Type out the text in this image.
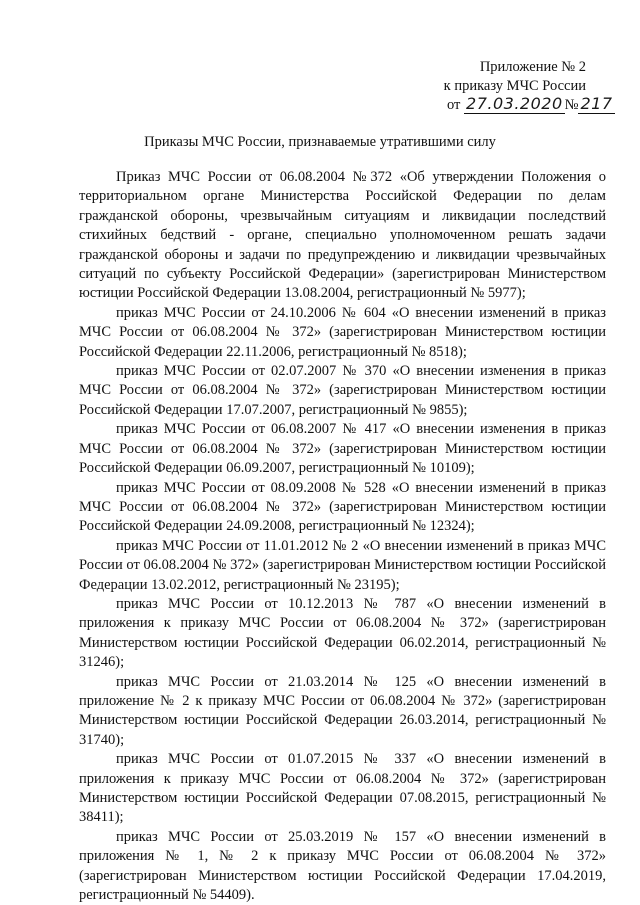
Приложение № 2
к приказу МЧС России
от 27.03.2020 № 217
Приказы МЧС России, признаваемые утратившими силу

Приказ МЧС России от 06.08.2004 №372 «Об утверждении Положения о территориальном органе Министерства Российской Федерации по делам гражданской обороны, чрезвычайным ситуациям и ликвидации последствий стихийных бедствий - органе, специально уполномоченном решать задачи гражданской обороны и задачи по предупреждению и ликвидации чрезвычайных ситуаций по субъекту Российской Федерации» (зарегистрирован Министерством юстиции Российской Федерации 13.08.2004, регистрационный № 5977);

приказ МЧС России от 24.10.2006 № 604 «О внесении изменений в приказ МЧС России от 06.08.2004 № 372» (зарегистрирован Министерством юстиции Российской Федерации 22.11.2006, регистрационный № 8518);

приказ МЧС России от 02.07.2007 № 370 «О внесении изменения в приказ МЧС России от 06.08.2004 № 372» (зарегистрирован Министерством юстиции Российской Федерации 17.07.2007, регистрационный № 9855);

приказ МЧС России от 06.08.2007 № 417 «О внесении изменения в приказ МЧС России от 06.08.2004 № 372» (зарегистрирован Министерством юстиции Российской Федерации 06.09.2007, регистрационный № 10109);

приказ МЧС России от 08.09.2008 № 528 «О внесении изменений в приказ МЧС России от 06.08.2004 № 372» (зарегистрирован Министерством юстиции Российской Федерации 24.09.2008, регистрационный № 12324);

приказ МЧС России от 11.01.2012 № 2 «О внесении изменений в приказ МЧС России от 06.08.2004 № 372» (зарегистрирован Министерством юстиции Российской Федерации 13.02.2012, регистрационный № 23195);

приказ МЧС России от 10.12.2013 № 787 «О внесении изменений в приложения к приказу МЧС России от 06.08.2004 № 372» (зарегистрирован Министерством юстиции Российской Федерации 06.02.2014, регистрационный № 31246);

приказ МЧС России от 21.03.2014 № 125 «О внесении изменений в приложение № 2 к приказу МЧС России от 06.08.2004 № 372» (зарегистрирован Министерством юстиции Российской Федерации 26.03.2014, регистрационный № 31740);

приказ МЧС России от 01.07.2015 № 337 «О внесении изменений в приложения к приказу МЧС России от 06.08.2004 № 372» (зарегистрирован Министерством юстиции Российской Федерации 07.08.2015, регистрационный № 38411);

приказ МЧС России от 25.03.2019 № 157 «О внесении изменений в приложения № 1, № 2 к приказу МЧС России от 06.08.2004 № 372» (зарегистрирован Министерством юстиции Российской Федерации 17.04.2019, регистрационный № 54409).
